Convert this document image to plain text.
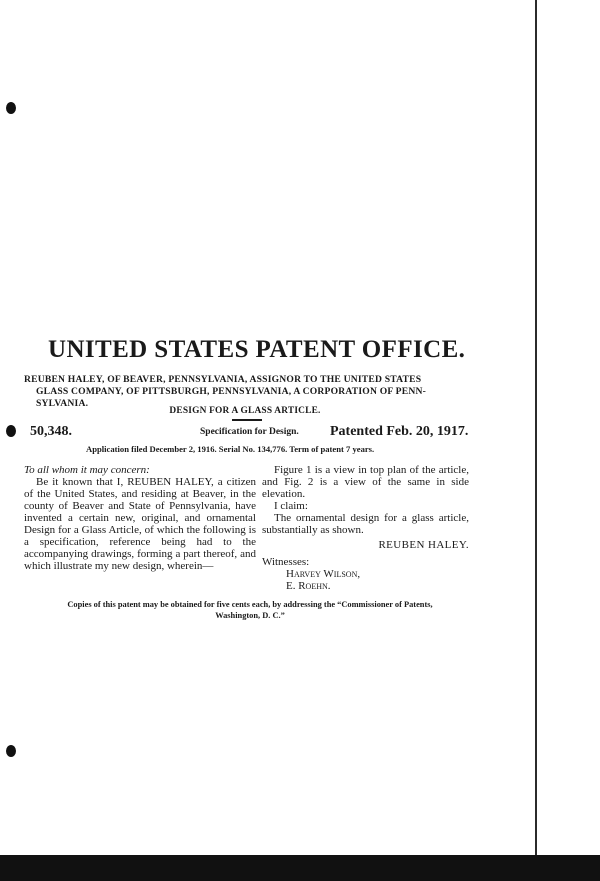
UNITED STATES PATENT OFFICE.
REUBEN HALEY, OF BEAVER, PENNSYLVANIA, ASSIGNOR TO THE UNITED STATES
GLASS COMPANY, OF PITTSBURGH, PENNSYLVANIA, A CORPORATION OF PENN-
SYLVANIA.
DESIGN FOR A GLASS ARTICLE.
50,348.	Specification for Design. Patented Feb. 20, 1917.
Application filed December 2, 1916. Serial No. 134,776. Term of patent 7 years.
To all whom it may concern:
Be it known that I, REUBEN HALEY, a citizen of the United States, and residing at Beaver, in the county of Beaver and State of Pennsylvania, have invented a certain new, original, and ornamental Design for a Glass Article, of which the following is a specification, reference being had to the accompanying drawings, forming a part thereof, and which illustrate my new design, wherein—
Figure 1 is a view in top plan of the article, and Fig. 2 is a view of the same in side elevation.
I claim:
The ornamental design for a glass article, substantially as shown.
REUBEN HALEY.
Witnesses:
Harvey Wilson,
E. Roehn.
Copies of this patent may be obtained for five cents each, by addressing the “Commissioner of Patents,
Washington, D. C.”
